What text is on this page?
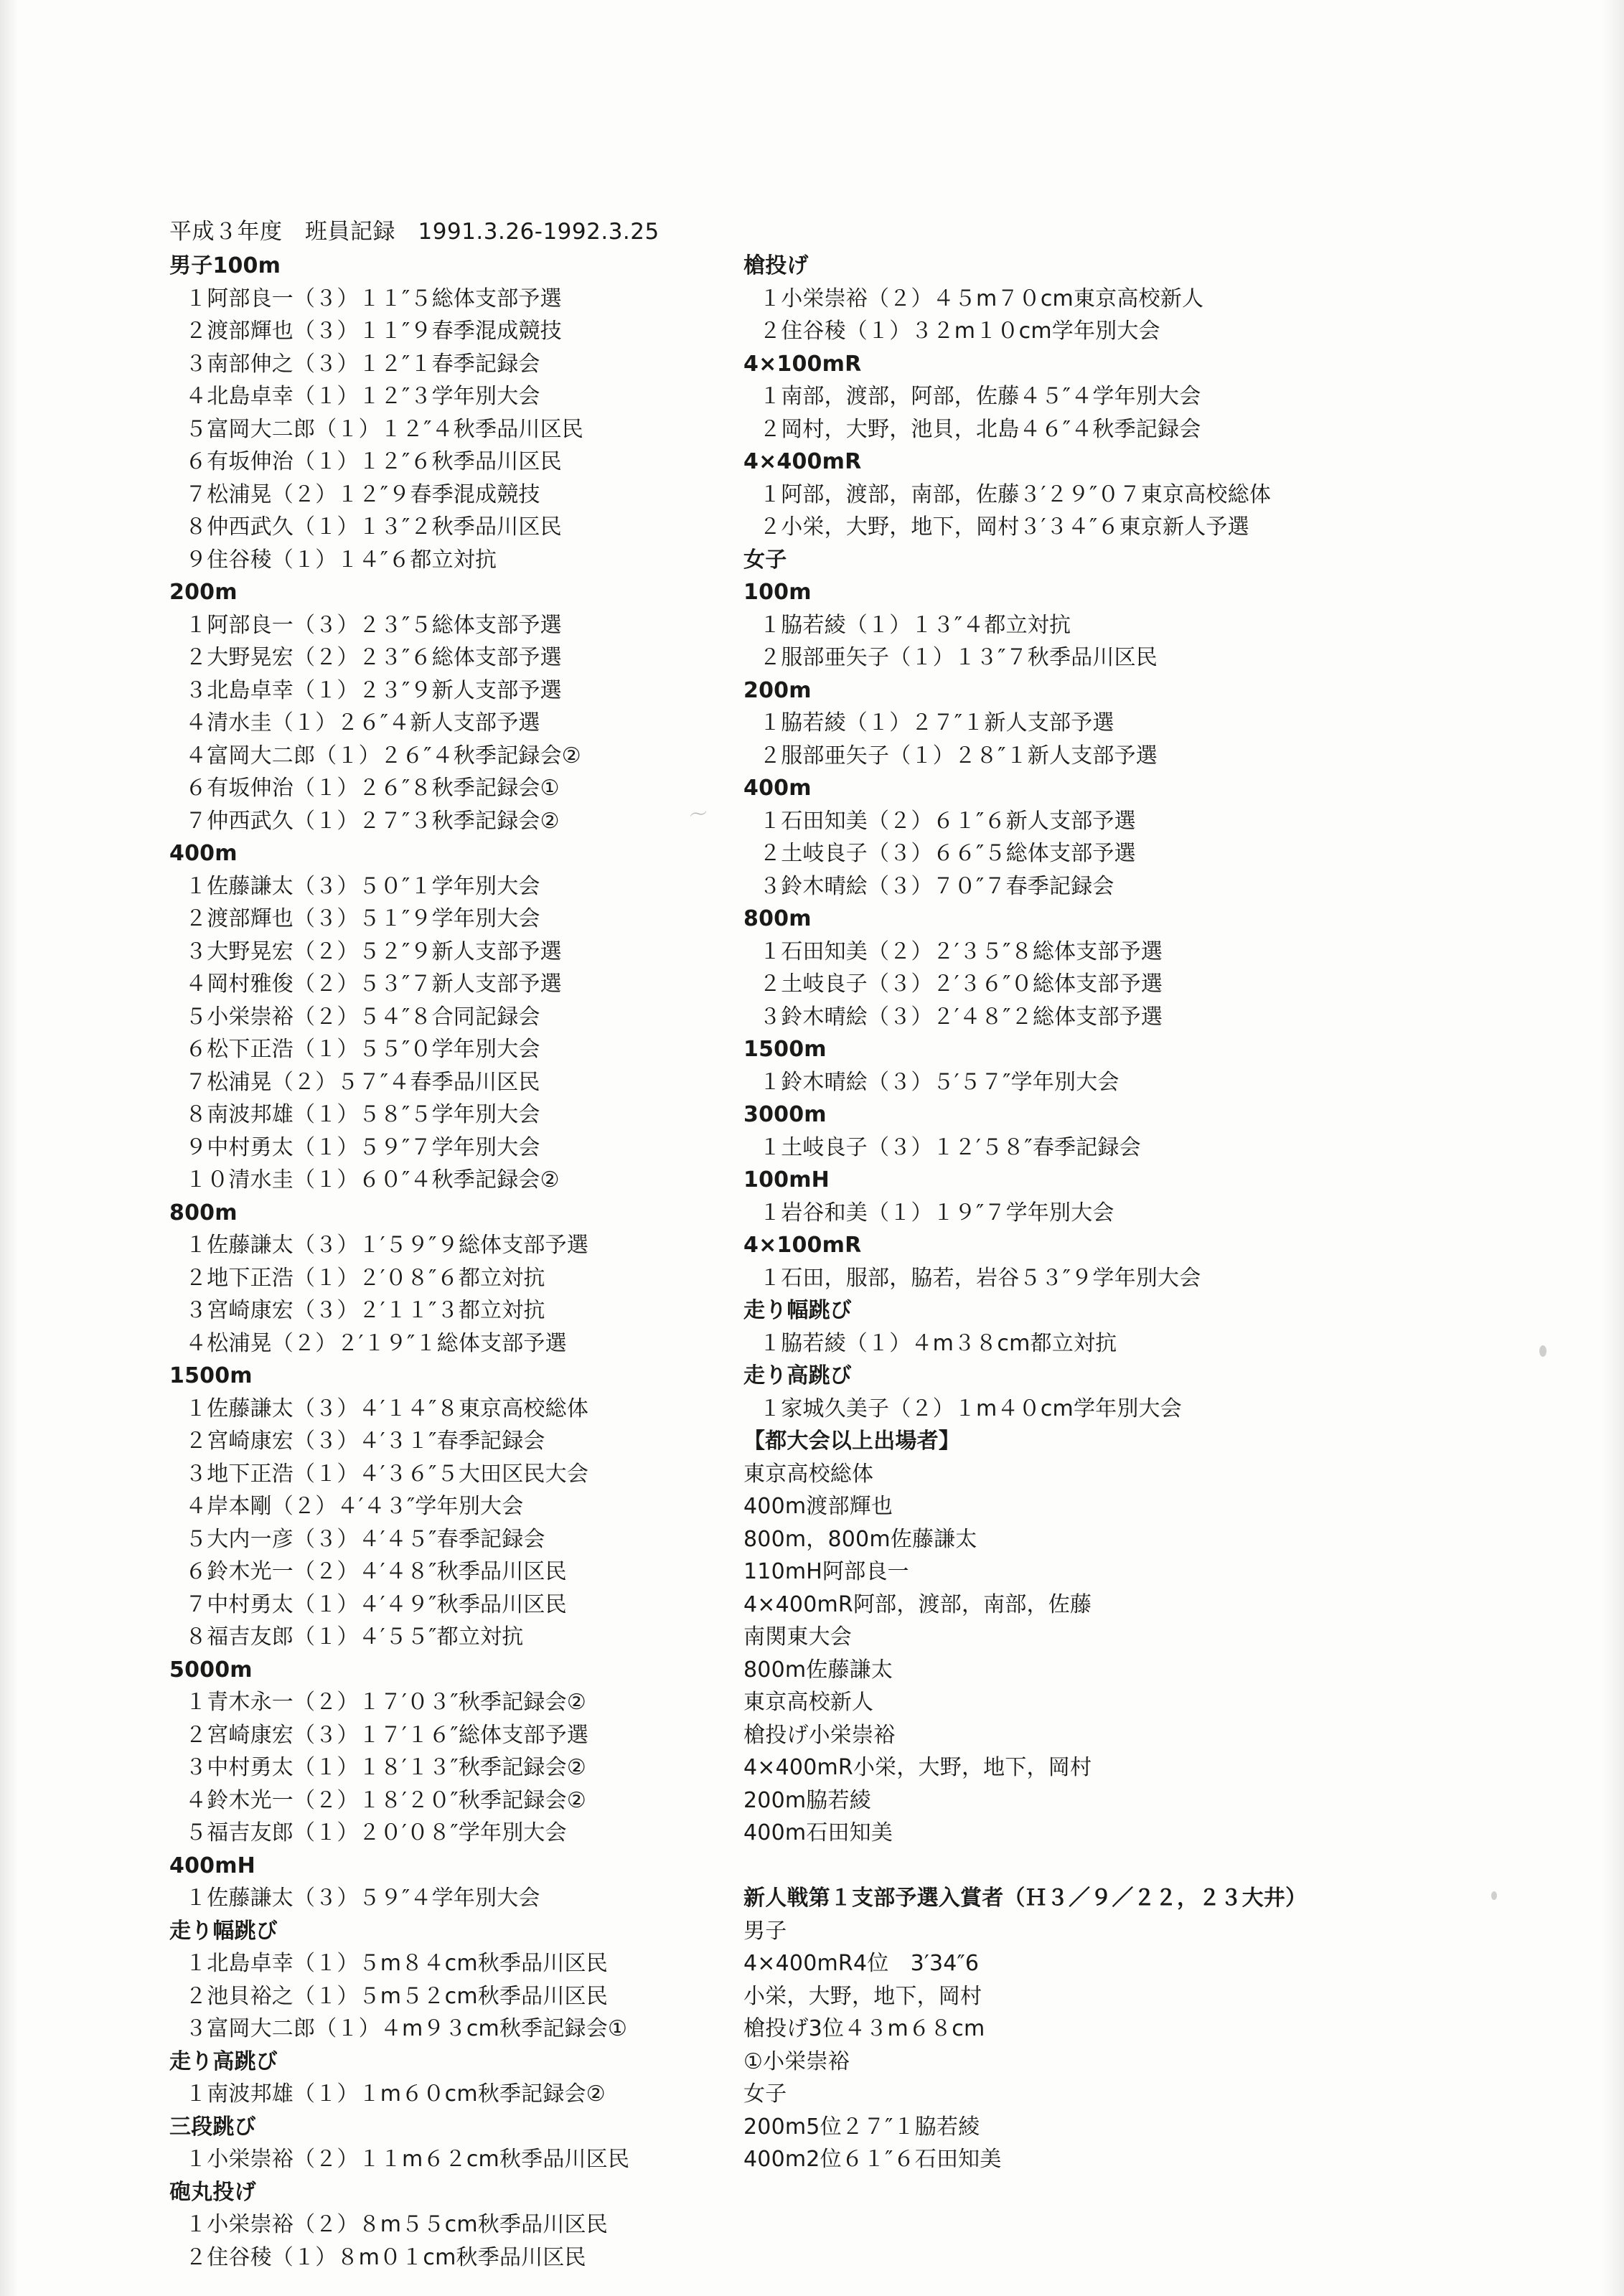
平成３年度　班員記録　1991.3.26-1992.3.25
男子100m
１阿部良一（３）１１″５総体支部予選
２渡部輝也（３）１１″９春季混成競技
３南部伸之（３）１２″１春季記録会
４北島卓幸（１）１２″３学年別大会
５富岡大二郎（１）１２″４秋季品川区民
６有坂伸治（１）１２″６秋季品川区民
７松浦晃（２）１２″９春季混成競技
８仲西武久（１）１３″２秋季品川区民
９住谷稜（１）１４″６都立対抗
200m
１阿部良一（３）２３″５総体支部予選
２大野晃宏（２）２３″６総体支部予選
３北島卓幸（１）２３″９新人支部予選
４清水圭（１）２６″４新人支部予選
４富岡大二郎（１）２６″４秋季記録会②
６有坂伸治（１）２６″８秋季記録会①
７仲西武久（１）２７″３秋季記録会②
400m
１佐藤謙太（３）５０″１学年別大会
２渡部輝也（３）５１″９学年別大会
３大野晃宏（２）５２″９新人支部予選
４岡村雅俊（２）５３″７新人支部予選
５小栄崇裕（２）５４″８合同記録会
６松下正浩（１）５５″０学年別大会
７松浦晃（２）５７″４春季品川区民
８南波邦雄（１）５８″５学年別大会
９中村勇太（１）５９″７学年別大会
１０清水圭（１）６０″４秋季記録会②
800m
１佐藤謙太（３）１′５９″９総体支部予選
２地下正浩（１）２′０８″６都立対抗
３宮崎康宏（３）２′１１″３都立対抗
４松浦晃（２）２′１９″１総体支部予選
1500m
１佐藤謙太（３）４′１４″８東京高校総体
２宮崎康宏（３）４′３１″春季記録会
３地下正浩（１）４′３６″５大田区民大会
４岸本剛（２）４′４３″学年別大会
５大内一彦（３）４′４５″春季記録会
６鈴木光一（２）４′４８″秋季品川区民
７中村勇太（１）４′４９″秋季品川区民
８福吉友郎（１）４′５５″都立対抗
5000m
１青木永一（２）１７′０３″秋季記録会②
２宮崎康宏（３）１７′１６″総体支部予選
３中村勇太（１）１８′１３″秋季記録会②
４鈴木光一（２）１８′２０″秋季記録会②
５福吉友郎（１）２０′０８″学年別大会
400mH
１佐藤謙太（３）５９″４学年別大会
走り幅跳び
１北島卓幸（１）５m８４cm秋季品川区民
２池貝裕之（１）５m５２cm秋季品川区民
３富岡大二郎（１）４m９３cm秋季記録会①
走り高跳び
１南波邦雄（１）１m６０cm秋季記録会②
三段跳び
１小栄崇裕（２）１１m６２cm秋季品川区民
砲丸投げ
１小栄崇裕（２）８m５５cm秋季品川区民
２住谷稜（１）８m０１cm秋季品川区民
槍投げ
１小栄崇裕（２）４５m７０cm東京高校新人
２住谷稜（１）３２m１０cm学年別大会
4×100mR
１南部，渡部，阿部，佐藤４５″４学年別大会
２岡村，大野，池貝，北島４６″４秋季記録会
4×400mR
１阿部，渡部，南部，佐藤３′２９″０７東京高校総体
２小栄，大野，地下，岡村３′３４″６東京新人予選
女子
100m
１脇若綾（１）１３″４都立対抗
２服部亜矢子（１）１３″７秋季品川区民
200m
１脇若綾（１）２７″１新人支部予選
２服部亜矢子（１）２８″１新人支部予選
400m
１石田知美（２）６１″６新人支部予選
２土岐良子（３）６６″５総体支部予選
３鈴木晴絵（３）７０″７春季記録会
800m
１石田知美（２）２′３５″８総体支部予選
２土岐良子（３）２′３６″０総体支部予選
３鈴木晴絵（３）２′４８″２総体支部予選
1500m
１鈴木晴絵（３）５′５７″学年別大会
3000m
１土岐良子（３）１２′５８″春季記録会
100mH
１岩谷和美（１）１９″７学年別大会
4×100mR
１石田，服部，脇若，岩谷５３″９学年別大会
走り幅跳び
１脇若綾（１）４m３８cm都立対抗
走り高跳び
１家城久美子（２）１m４０cm学年別大会
【都大会以上出場者】
東京高校総体
400m渡部輝也
800m，800m佐藤謙太
110mH阿部良一
4×400mR阿部，渡部，南部，佐藤
南関東大会
800m佐藤謙太
東京高校新人
槍投げ小栄崇裕
4×400mR小栄，大野，地下，岡村
200m脇若綾
400m石田知美

新人戦第１支部予選入賞者（Ｈ３／９／２２，２３大井）
男子
4×400mR4位　3′34″6
小栄，大野，地下，岡村
槍投げ3位４３m６８cm
①小栄崇裕
女子
200m5位２７″１脇若綾
400m2位６１″６石田知美
〜
